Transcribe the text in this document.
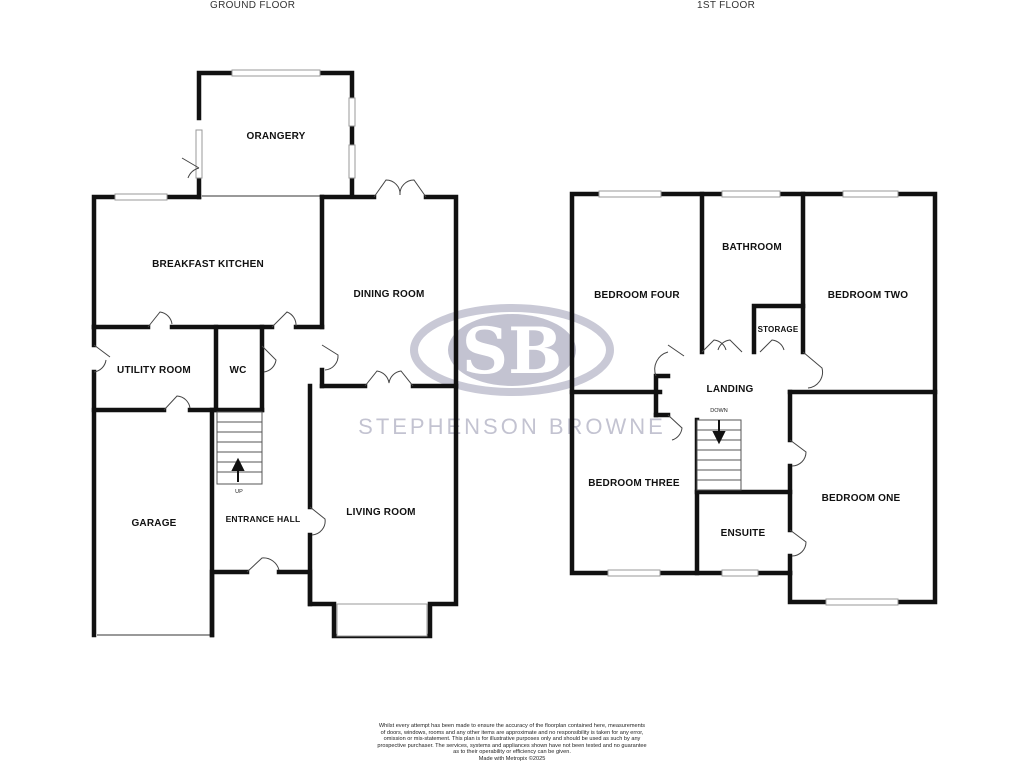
GROUND FLOOR	1ST FLOOR
SB
STEPHENSON BROWNE
UP
ORANGERY
BREAKFAST KITCHEN
DINING ROOM
UTILITY ROOM	WC
GARAGE	ENTRANCE HALL
LIVING ROOM
DOWN
BEDROOM FOUR
BATHROOM
BEDROOM TWO
STORAGE
LANDING
BEDROOM THREE
BEDROOM ONE
ENSUITE
Whilst every attempt has been made to ensure the accuracy of the floorplan contained here, measurements
of doors, windows, rooms and any other items are approximate and no responsibility is taken for any error,
omission or mis-statement. This plan is for illustrative purposes only and should be used as such by any
prospective purchaser. The services, systems and appliances shown have not been tested and no guarantee
as to their operability or efficiency can be given.
Made with Metropix ©2025
